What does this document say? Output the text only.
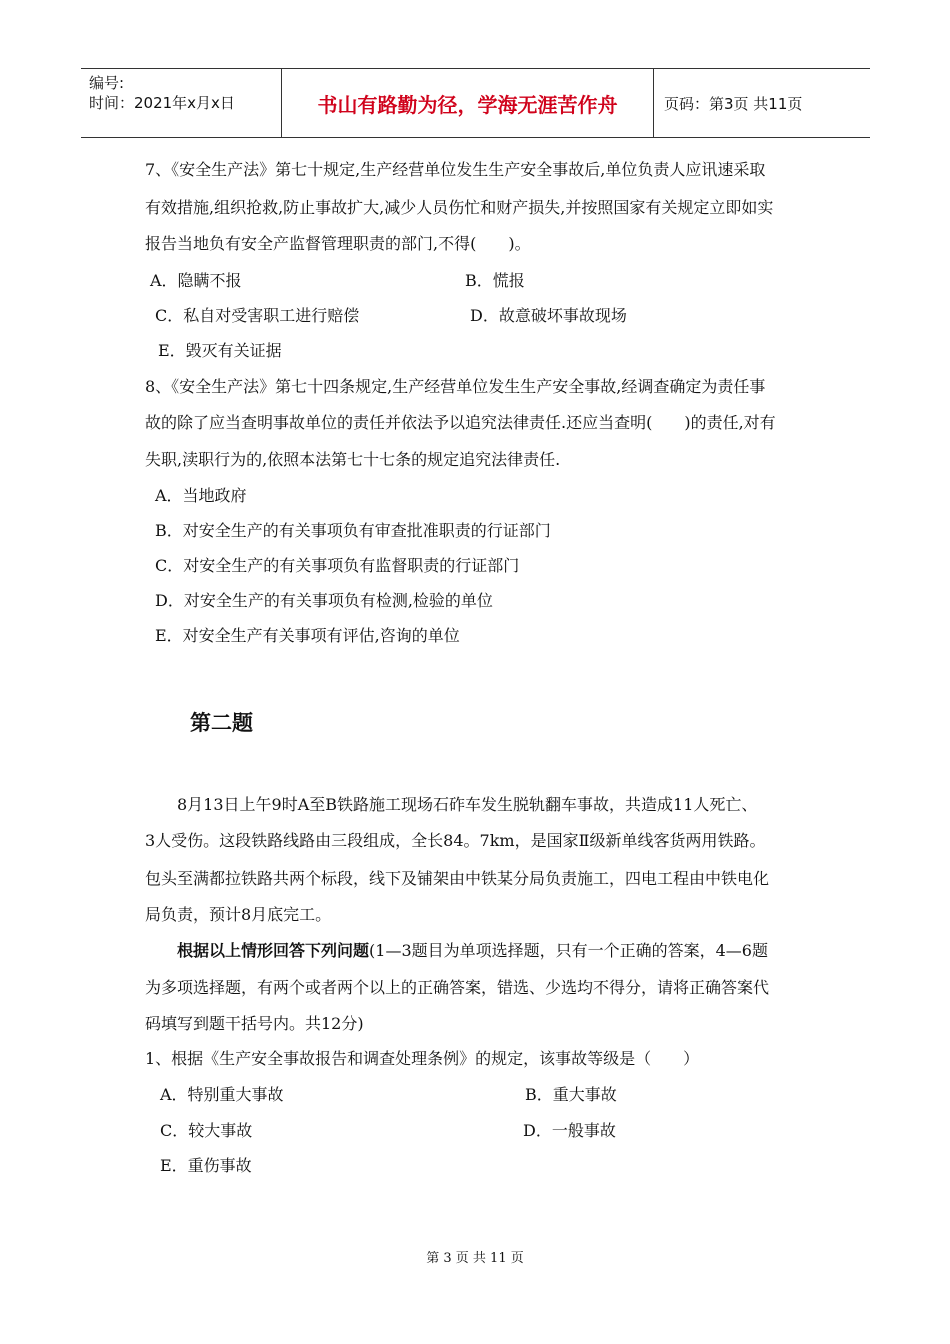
编号:
时间：2021年x月x日	书山有路勤为径，学海无涯苦作舟	页码：第3页 共11页
7、《安全生产法》第七十规定,生产经营单位发生生产安全事故后,单位负责人应讯速采取
有效措施,组织抢救,防止事故扩大,减少人员伤忙和财产损失,并按照国家有关规定立即如实
报告当地负有安全产监督管理职责的部门,不得(　　)。
A．隐瞒不报	B．慌报
C．私自对受害职工进行赔偿	D．故意破坏事故现场
E．毁灭有关证据
8、《安全生产法》第七十四条规定,生产经营单位发生生产安全事故,经调查确定为责任事
故的除了应当查明事故单位的责任并依法予以追究法律责任.还应当查明(　　)的责任,对有
失职,渎职行为的,依照本法第七十七条的规定追究法律责任.
A．当地政府
B．对安全生产的有关事项负有审查批准职责的行证部门
C．对安全生产的有关事项负有监督职责的行证部门
D．对安全生产的有关事项负有检测,检验的单位
E．对安全生产有关事项有评估,咨询的单位
第二题
8月13日上午9时A至B铁路施工现场石砟车发生脱轨翻车事故，共造成11人死亡、
3人受伤。这段铁路线路由三段组成，全长84。7km，是国家Ⅱ级新单线客货两用铁路。
包头至满都拉铁路共两个标段，线下及铺架由中铁某分局负责施工，四电工程由中铁电化
局负责，预计8月底完工。
根据以上情形回答下列问题(1—3题目为单项选择题，只有一个正确的答案，4—6题
为多项选择题，有两个或者两个以上的正确答案，错选、少选均不得分，请将正确答案代
码填写到题干括号内。共12分)
1、根据《生产安全事故报告和调查处理条例》的规定，该事故等级是（　　）
A．特别重大事故	B．重大事故
C．较大事故	D．一般事故
E．重伤事故
第 3 页 共 11 页
